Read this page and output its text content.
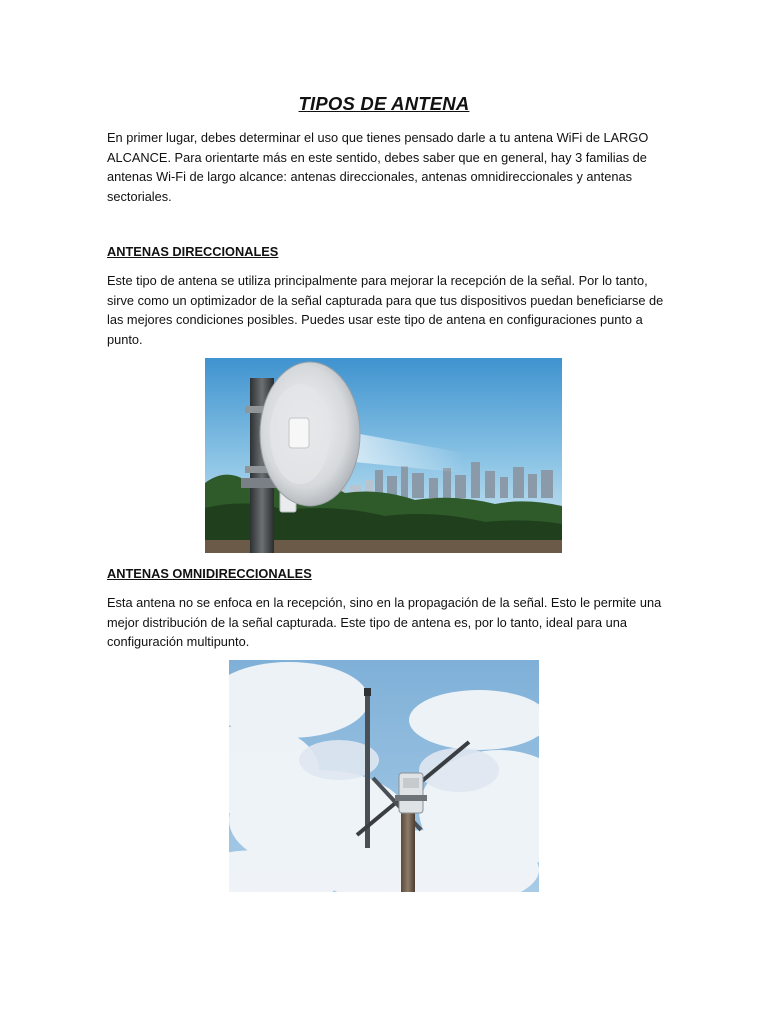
TIPOS DE ANTENA

En primer lugar, debes determinar el uso que tienes pensado darle a tu antena WiFi de LARGO ALCANCE. Para orientarte más en este sentido, debes saber que en general, hay 3 familias de antenas Wi-Fi de largo alcance: antenas direccionales, antenas omnidireccionales y antenas sectoriales.

ANTENAS DIRECCIONALES

Este tipo de antena se utiliza principalmente para mejorar la recepción de la señal. Por lo tanto, sirve como un optimizador de la señal capturada para que tus dispositivos puedan beneficiarse de las mejores condiciones posibles. Puedes usar este tipo de antena en configuraciones punto a punto.

ANTENAS OMNIDIRECCIONALES

Esta antena no se enfoca en la recepción, sino en la propagación de la señal. Esto le permite una mejor distribución de la señal capturada. Este tipo de antena es, por lo tanto, ideal para una configuración multipunto.
